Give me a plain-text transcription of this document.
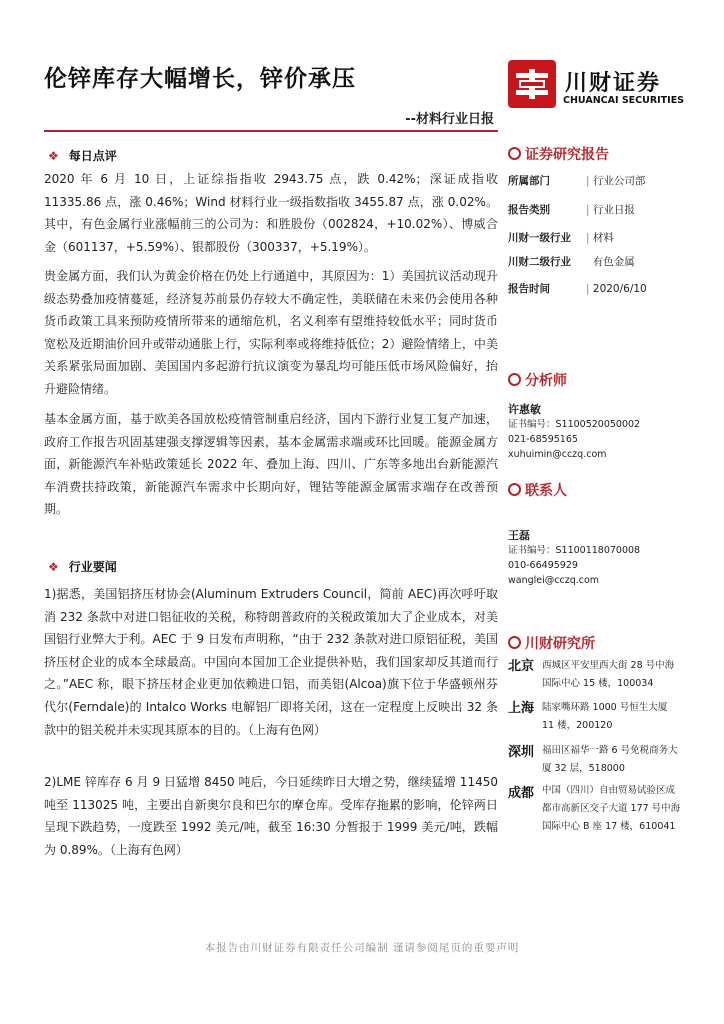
伦锌库存大幅增长，锌价承压
--材料行业日报
川财证券
CHUANCAI SECURITIES
❖ 每日点评

2020 年 6 月 10 日，上证综指指收 2943.75 点，跌 0.42%；深证成指收 11335.86 点，涨 0.46%；Wind 材料行业一级指数指收 3455.87 点，涨 0.02%。其中，有色金属行业涨幅前三的公司为：和胜股份（002824，+10.02%）、博威合金（601137，+5.59%）、银都股份（300337，+5.19%）。

贵金属方面，我们认为黄金价格在仍处上行通道中，其原因为：1）美国抗议活动现升级态势叠加疫情蔓延，经济复苏前景仍存较大不确定性，美联储在未来仍会使用各种货币政策工具来预防疫情所带来的通缩危机，名义利率有望维持较低水平；同时货币宽松及近期油价回升或带动通胀上行，实际利率或将维持低位；2）避险情绪上，中美关系紧张局面加剧、美国国内多起游行抗议演变为暴乱均可能压低市场风险偏好，抬升避险情绪。

基本金属方面，基于欧美各国放松疫情管制重启经济，国内下游行业复工复产加速，政府工作报告巩固基建强支撑逻辑等因素，基本金属需求端或环比回暖。能源金属方面，新能源汽车补贴政策延长 2022 年、叠加上海、四川、广东等多地出台新能源汽车消费扶持政策，新能源汽车需求中长期向好，锂钴等能源金属需求端存在改善预期。

❖ 行业要闻

1)据悉，美国铝挤压材协会(Aluminum Extruders Council，简前 AEC)再次呼吁取消 232 条款中对进口铝征收的关税，称特朗普政府的关税政策加大了企业成本，对美国铝行业弊大于利。AEC 于 9 日发布声明称，“由于 232 条款对进口原铝征税，美国挤压材企业的成本全球最高。中国向本国加工企业提供补贴，我们国家却反其道而行之。”AEC 称，眼下挤压材企业更加依赖进口铝，而美铝(Alcoa)旗下位于华盛顿州芬代尔(Ferndale)的 Intalco Works 电解铝厂即将关闭，这在一定程度上反映出 32 条款中的铝关税并未实现其原本的目的。（上海有色网）

2)LME 锌库存 6 月 9 日猛增 8450 吨后，今日延续昨日大增之势，继续猛增 11450 吨至 113025 吨，主要出自新奥尔良和巴尔的摩仓库。受库存拖累的影响，伦锌两日呈现下跌趋势，一度跌至 1992 美元/吨，截至 16:30 分暂报于 1999 美元/吨，跌幅为 0.89%。（上海有色网）

证券研究报告
所属部门	| 行业公司部
报告类别	| 行业日报
川财一级行业 | 材料
川财二级行业 有色金属
报告时间	| 2020/6/10
分析师
许惠敏
证书编号：S1100520050002
021-68595165
xuhuimin@cczq.com
联系人
王磊
证书编号：S1100118070008
010-66495929
wanglei@cczq.com
川财研究所
北京 西城区平安里西大街 28 号中海国际中心 15 楼，100034
上海 陆家嘴环路 1000 号恒生大厦 11 楼，200120
深圳 福田区福华一路 6 号免税商务大厦 32 层，518000
成都 中国（四川）自由贸易试验区成都市高新区交子大道 177 号中海国际中心 B 座 17 楼，610041
本报告由川财证券有限责任公司编制 谨请参阅尾页的重要声明
